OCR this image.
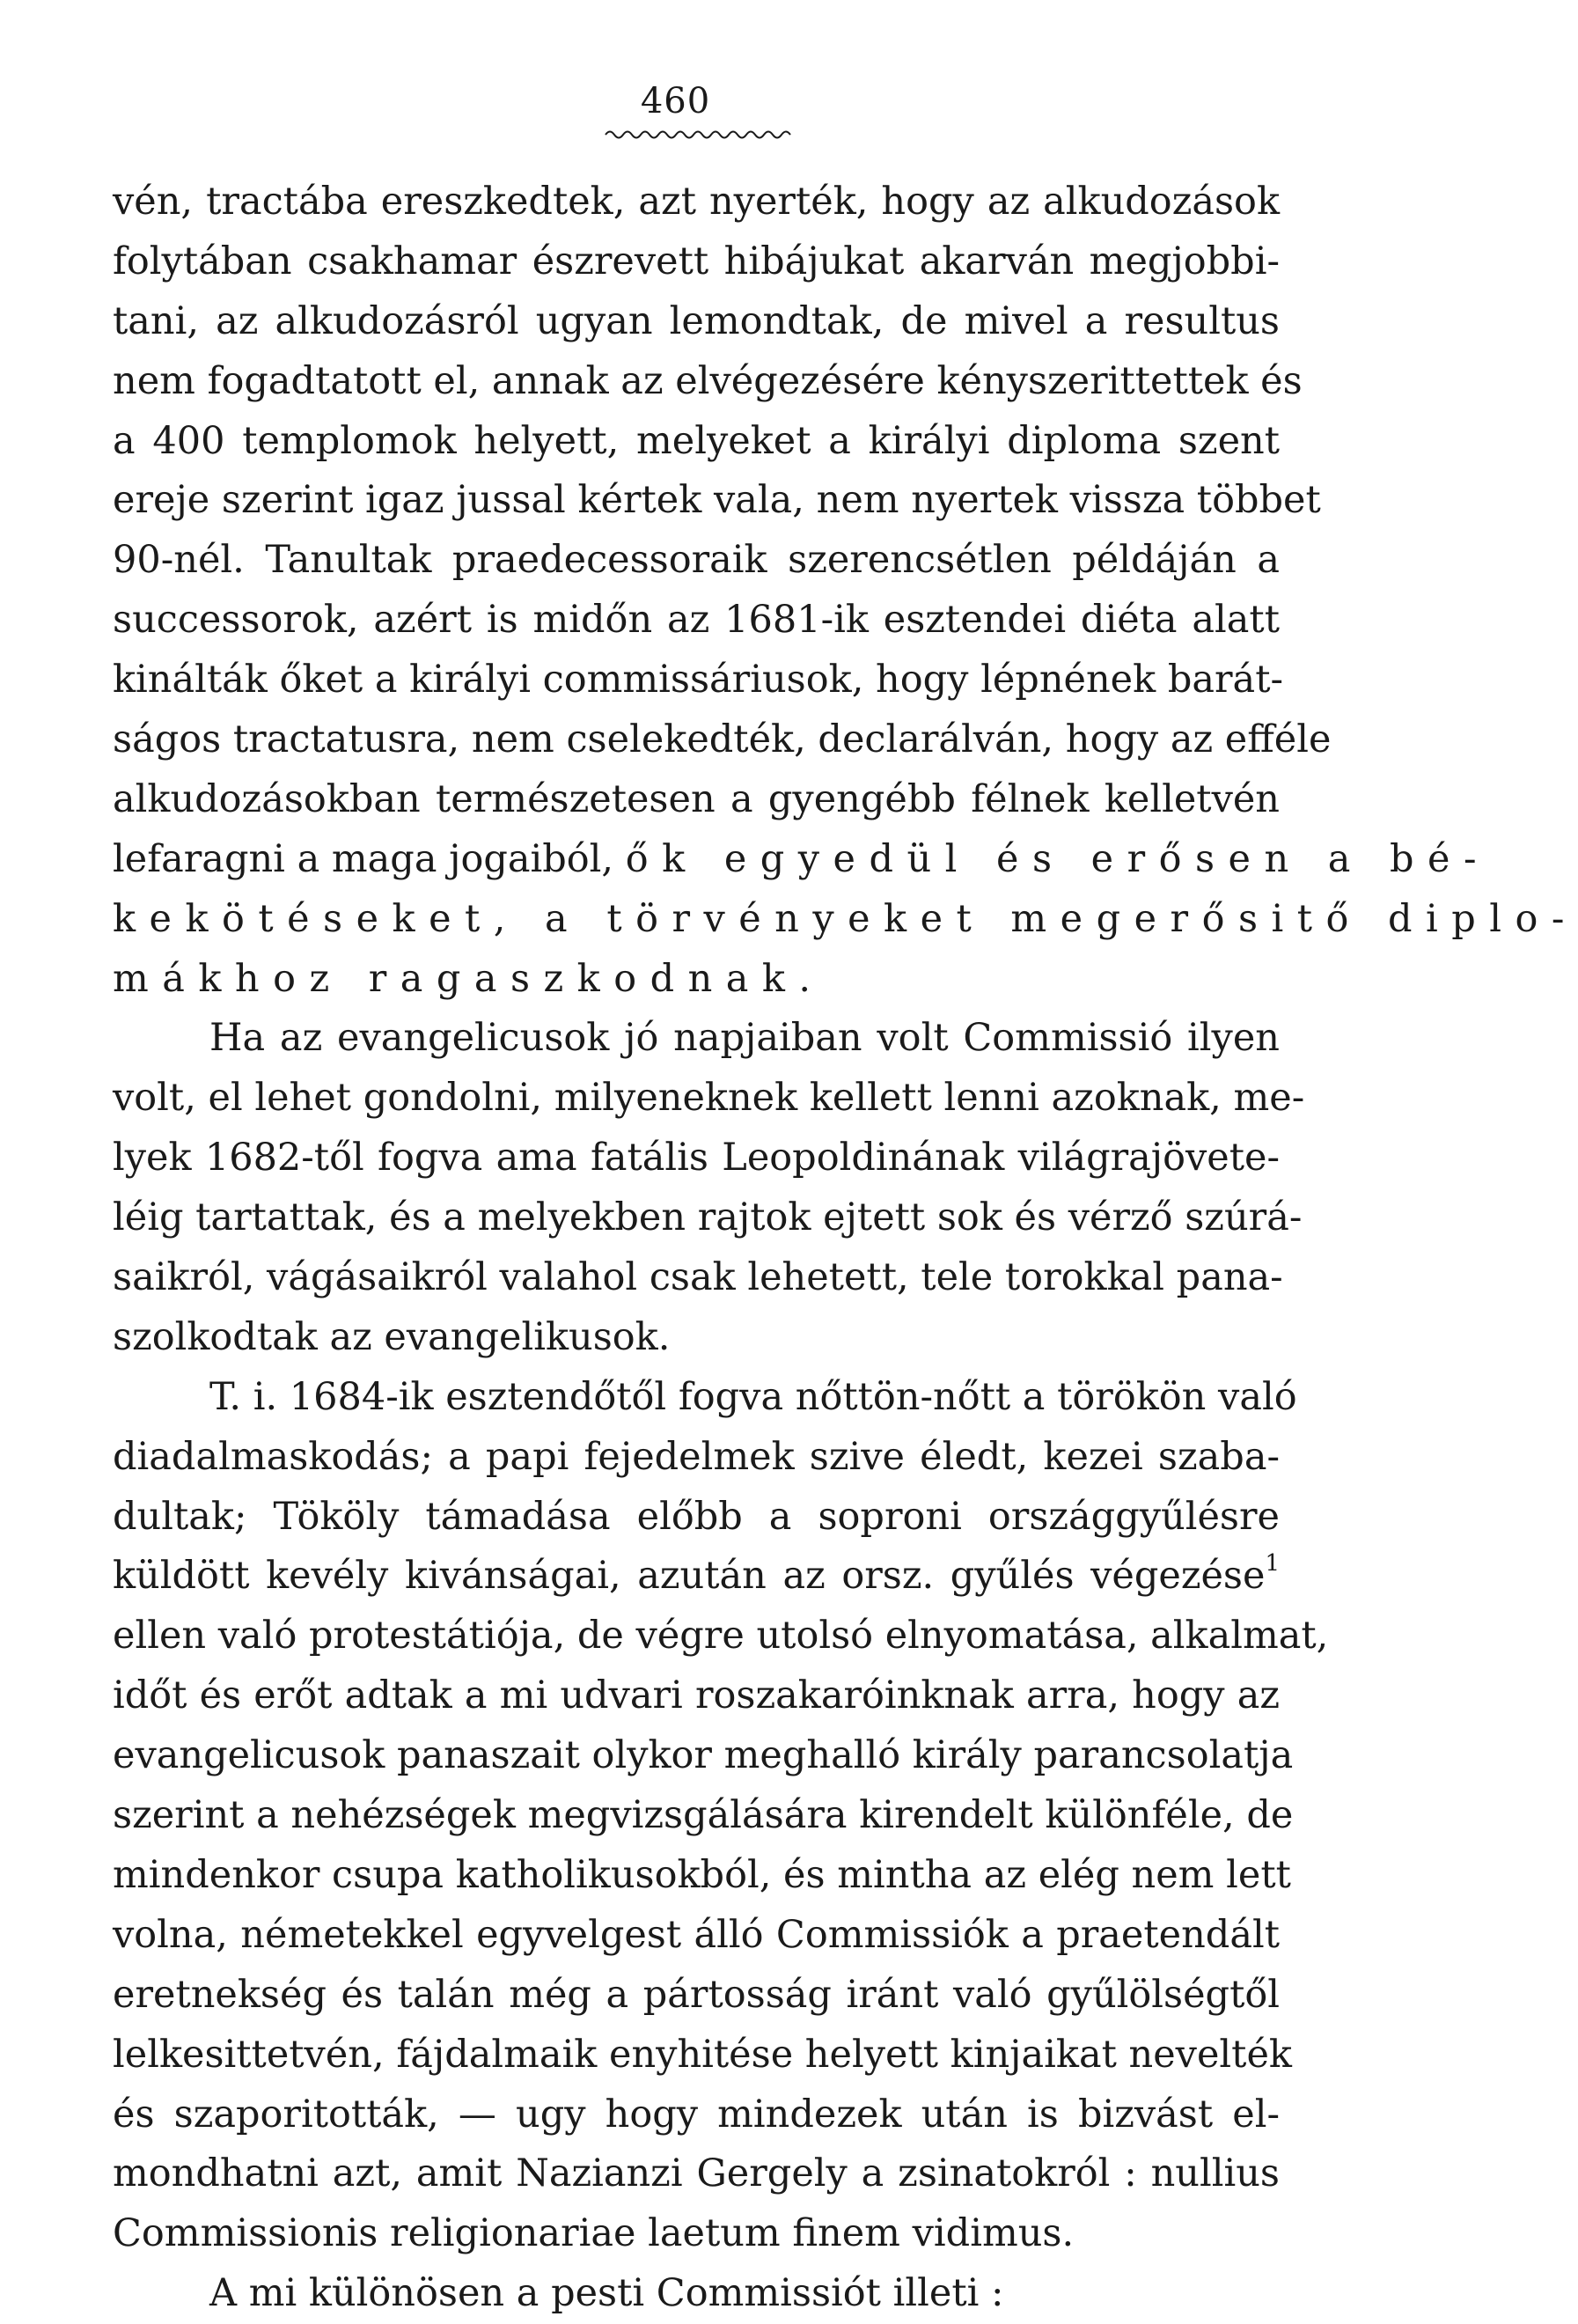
460
vén, tractába ereszkedtek, azt nyerték, hogy az alkudozások
folytában csakhamar észrevett hibájukat akarván megjobbi-
tani, az alkudozásról ugyan lemondtak, de mivel a resultus
nem fogadtatott el, annak az elvégezésére kényszerittettek és
a 400 templomok helyett, melyeket a királyi diploma szent
ereje szerint igaz jussal kértek vala, nem nyertek vissza többet
90-nél. Tanultak praedecessoraik szerencsétlen példáján a
successorok, azért is midőn az 1681-ik esztendei diéta alatt
kinálták őket a királyi commissáriusok, hogy lépnének barát-
ságos tractatusra, nem cselekedték, declarálván, hogy az efféle
alkudozásokban természetesen a gyengébb félnek kelletvén
lefaragni a maga jogaiból, ők egyedül és erősen a bé-
kekötéseket, a törvényeket megerősitő diplo-
mákhoz ragaszkodnak.
Ha az evangelicusok jó napjaiban volt Commissió ilyen
volt, el lehet gondolni, milyeneknek kellett lenni azoknak, me-
lyek 1682-től fogva ama fatális Leopoldinának világrajövete-
léig tartattak, és a melyekben rajtok ejtett sok és vérző szúrá-
saikról, vágásaikról valahol csak lehetett, tele torokkal pana-
szolkodtak az evangelikusok.
T. i. 1684-ik esztendőtől fogva nőttön-nőtt a törökön való
diadalmaskodás; a papi fejedelmek szive éledt, kezei szaba-
dultak; Tököly támadása előbb a soproni országgyűlésre
küldött kevély kivánságai, azután az orsz. gyűlés végezése$^1$
ellen való protestátiója, de végre utolsó elnyomatása, alkalmat,
időt és erőt adtak a mi udvari roszakaróinknak arra, hogy az
evangelicusok panaszait olykor meghalló király parancsolatja
szerint a nehézségek megvizsgálására kirendelt különféle, de
mindenkor csupa katholikusokból, és mintha az elég nem lett
volna, németekkel egyvelgest álló Commissiók a praetendált
eretnekség és talán még a pártosság iránt való gyűlölségtől
lelkesittetvén, fájdalmaik enyhitése helyett kinjaikat nevelték
és szaporitották, — ugy hogy mindezek után is bizvást el-
mondhatni azt, amit Nazianzi Gergely a zsinatokról : nullius
Commissionis religionariae laetum finem vidimus.
A mi különösen a pesti Commissiót illeti :
